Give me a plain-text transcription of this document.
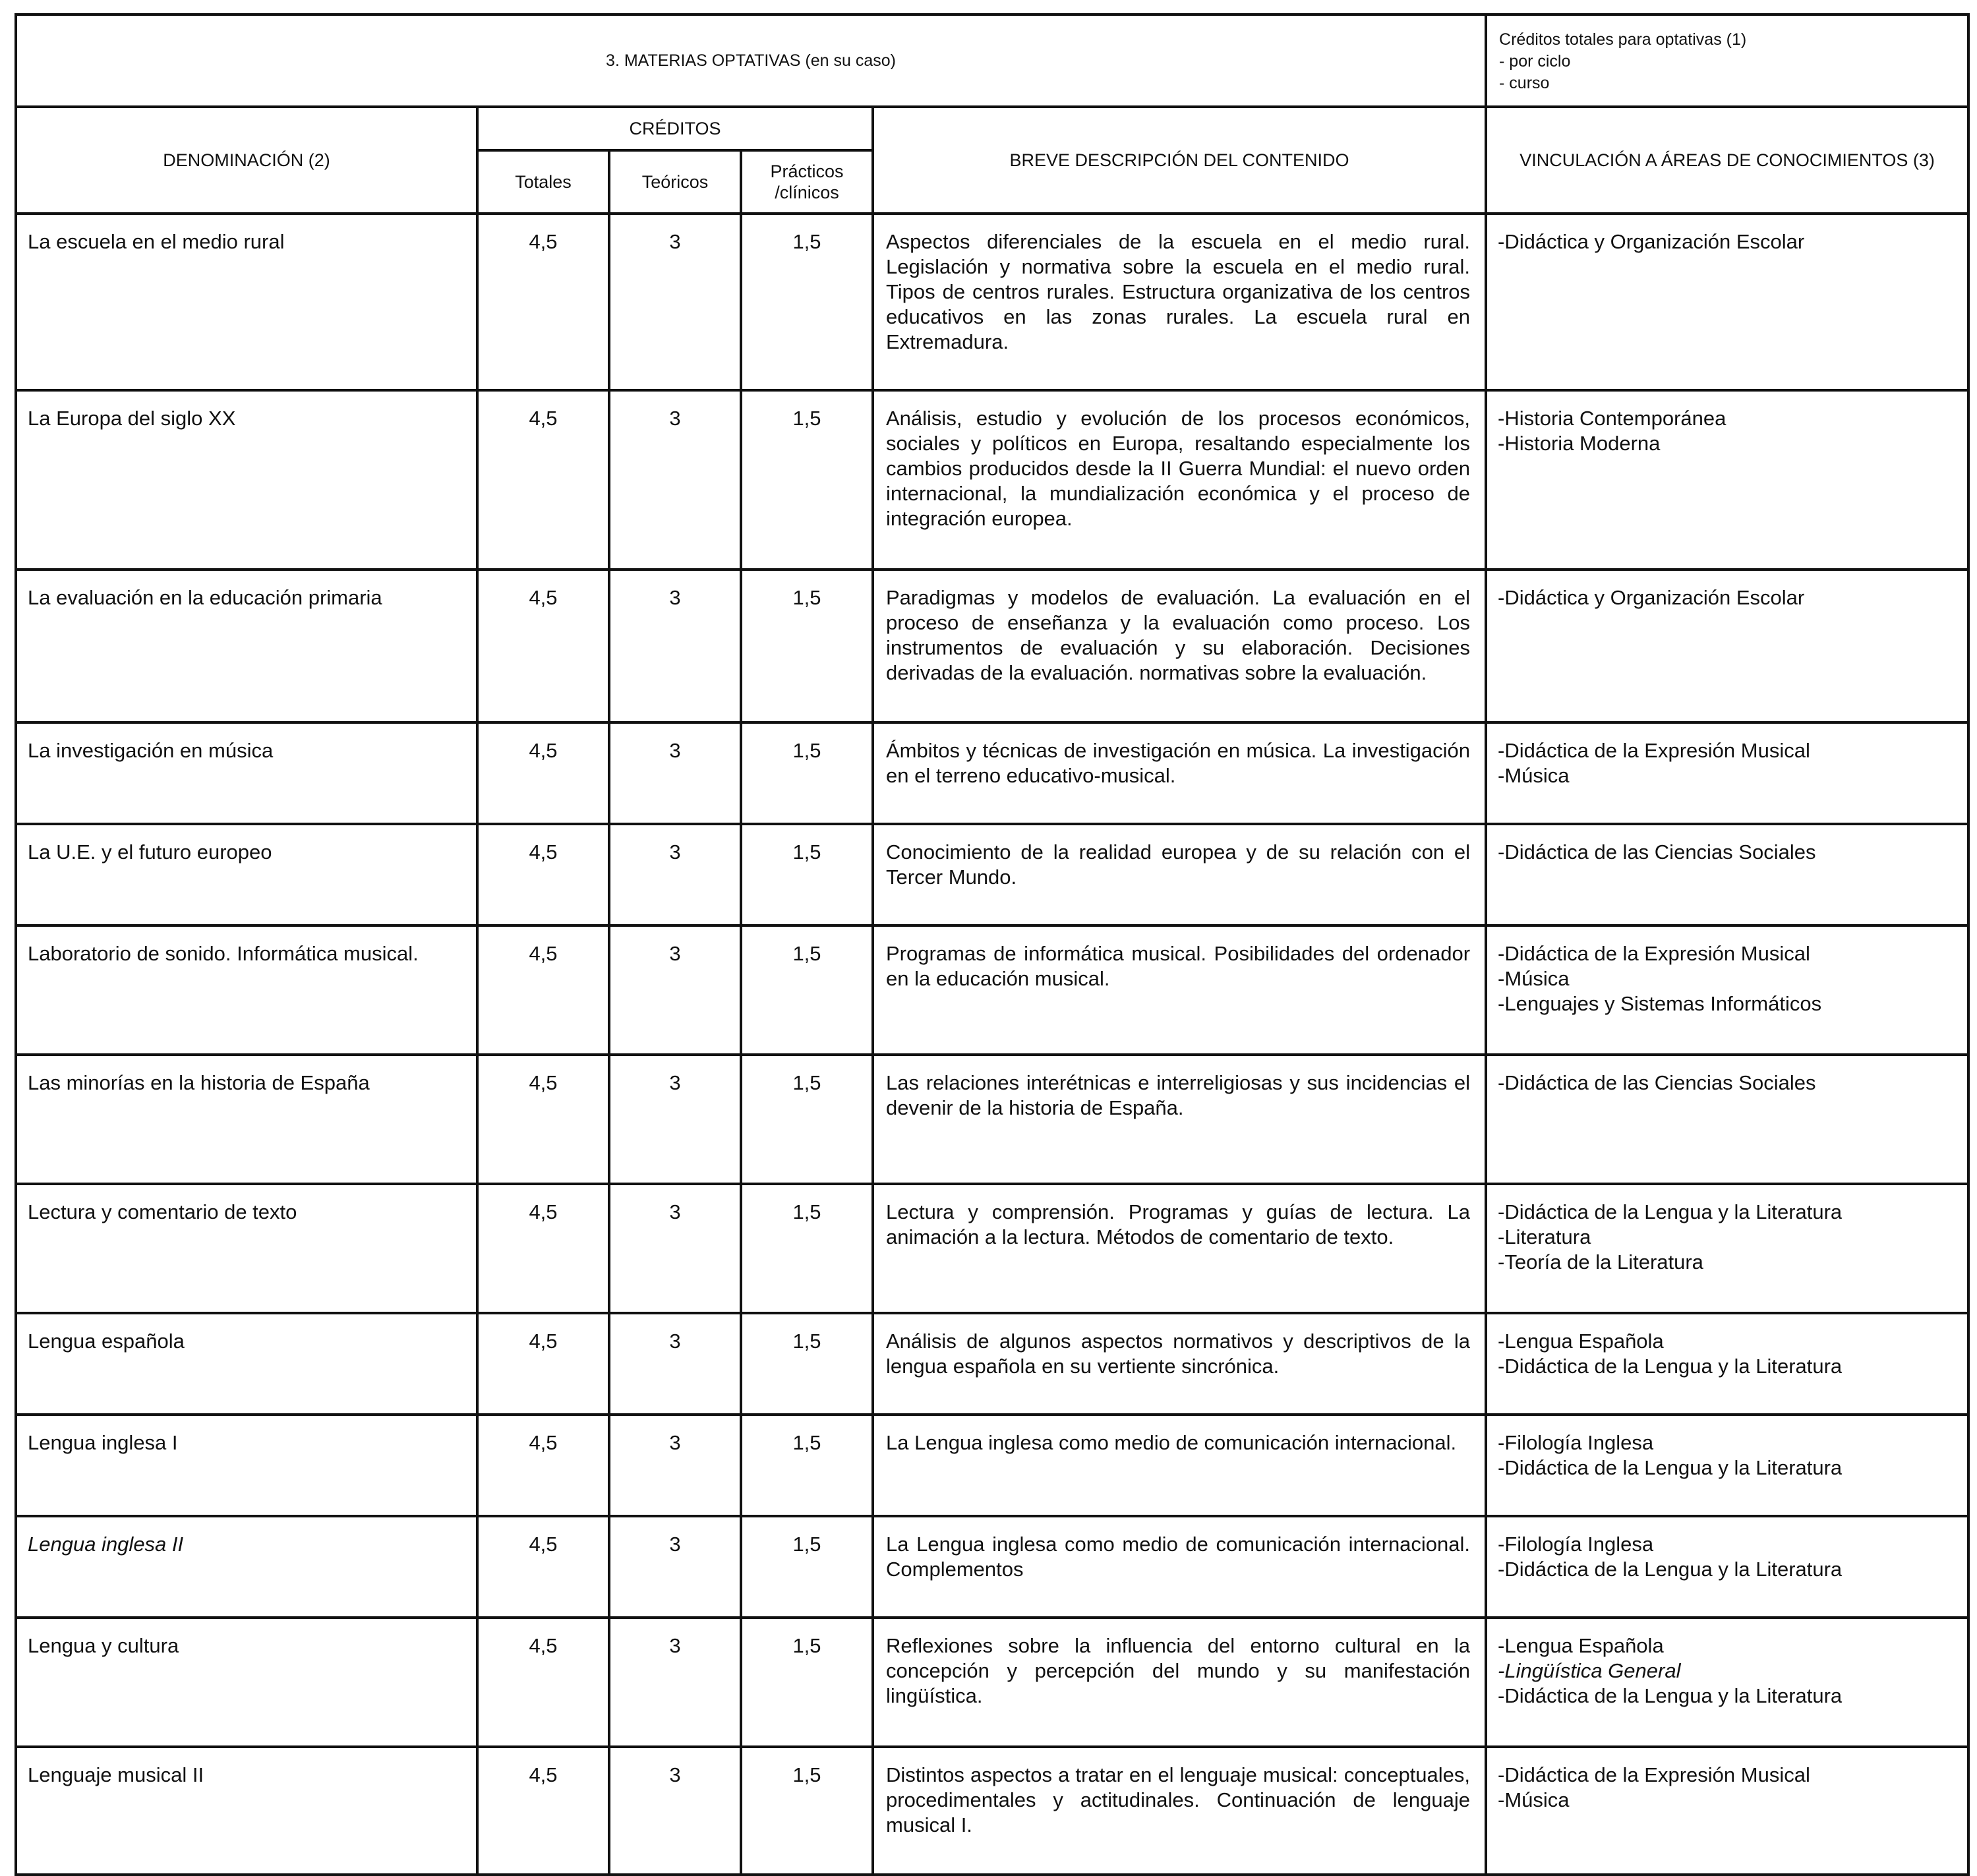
3. MATERIAS OPTATIVAS (en su caso)					Créditos totales para optativas (1)
- por ciclo
- curso

DENOMINACIÓN (2)	CRÉDITOS			BREVE DESCRIPCIÓN DEL CONTENIDO	VINCULACIÓN A ÁREAS DE CONOCIMIENTOS (3)
	Totales	Teóricos	Prácticos /clínicos		
La escuela en el medio rural	4,5	3	1,5	Aspectos diferenciales de la escuela en el medio rural. Legislación y normativa sobre la escuela en el medio rural. Tipos de centros rurales. Estructura organizativa de los centros educativos en las zonas rurales. La escuela rural en Extremadura.	-Didáctica y Organización Escolar

La Europa del siglo XX	4,5	3	1,5	Análisis, estudio y evolución de los procesos económicos, sociales y políticos en Europa, resaltando especialmente los cambios producidos desde la II Guerra Mundial: el nuevo orden internacional, la mundialización económica y el proceso de integración europea.	-Historia Contemporánea
-Historia Moderna

La evaluación en la educación primaria	4,5	3	1,5	Paradigmas y modelos de evaluación. La evaluación en el proceso de enseñanza y la evaluación como proceso. Los instrumentos de evaluación y su elaboración. Decisiones derivadas de la evaluación. normativas sobre la evaluación.	-Didáctica y Organización Escolar

La investigación en música	4,5	3	1,5	Ámbitos y técnicas de investigación en música. La investigación en el terreno educativo-musical.	-Didáctica de la Expresión Musical
-Música

La U.E. y el futuro europeo	4,5	3	1,5	Conocimiento de la realidad europea y de su relación con el Tercer Mundo.	-Didáctica de las Ciencias Sociales

Laboratorio de sonido. Informática musical.	4,5	3	1,5	Programas de informática musical. Posibilidades del ordenador en la educación musical.	-Didáctica de la Expresión Musical
-Música
-Lenguajes y Sistemas Informáticos

Las minorías en la historia de España	4,5	3	1,5	Las relaciones interétnicas e interreligiosas y sus incidencias el devenir de la historia de España.	-Didáctica de las Ciencias Sociales

Lectura y comentario de texto	4,5	3	1,5	Lectura y comprensión. Programas y guías de lectura. La animación a la lectura. Métodos de comentario de texto.	-Didáctica de la Lengua y la Literatura
-Literatura
-Teoría de la Literatura

Lengua española	4,5	3	1,5	Análisis de algunos aspectos normativos y descriptivos de la lengua española en su vertiente sincrónica.	-Lengua Española
-Didáctica de la Lengua y la Literatura

Lengua inglesa I	4,5	3	1,5	La Lengua inglesa como medio de comunicación internacional.	-Filología Inglesa
-Didáctica de la Lengua y la Literatura

Lengua inglesa II	4,5	3	1,5	La Lengua inglesa como medio de comunicación internacional. Complementos	-Filología Inglesa
-Didáctica de la Lengua y la Literatura

Lengua y cultura	4,5	3	1,5	Reflexiones sobre la influencia del entorno cultural en la concepción y percepción del mundo y su manifestación lingüística.	-Lengua Española
-Lingüística General
-Didáctica de la Lengua y la Literatura

Lenguaje musical II	4,5	3	1,5	Distintos aspectos a tratar en el lenguaje musical: conceptuales, procedimentales y actitudinales. Continuación de lenguaje musical I.	-Didáctica de la Expresión Musical
-Música
